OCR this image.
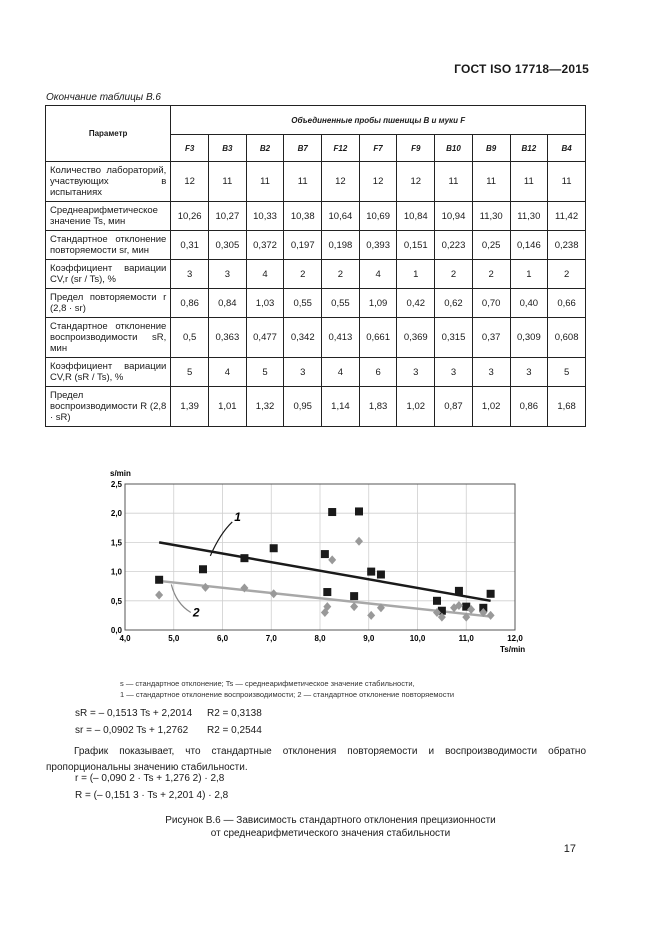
ГОСТ ISO 17718—2015
Окончание таблицы В.6
Параметр	Объединенные пробы пшеницы B и муки F										
	F3	B3	B2	B7	F12	F7	F9	B10	B9	B12	B4
Количество лабораторий, участвующих в испытаниях	12	11	11	11	12	12	12	11	11	11	11
Среднеарифметическое значение Ts, мин	10,26	10,27	10,33	10,38	10,64	10,69	10,84	10,94	11,30	11,30	11,42
Стандартное отклонение повторяемости sr, мин	0,31	0,305	0,372	0,197	0,198	0,393	0,151	0,223	0,25	0,146	0,238
Коэффициент вариации CV,r (sr / Ts), %	3	3	4	2	2	4	1	2	2	1	2
Предел повторяемости r (2,8 · sr)	0,86	0,84	1,03	0,55	0,55	1,09	0,42	0,62	0,70	0,40	0,66
Стандартное отклонение воспроизводимости sR, мин	0,5	0,363	0,477	0,342	0,413	0,661	0,369	0,315	0,37	0,309	0,608
Коэффициент вариации CV,R (sR / Ts), %	5	4	5	3	4	6	3	3	3	3	5
Предел воспроизводимости R (2,8 · sR)	1,39	1,01	1,32	0,95	1,14	1,83	1,02	0,87	1,02	0,86	1,68
4,0	5,0	6,0	7,0	8,0	9,0	10,0	11,0	12,0
0,0
0,5
1,0
1,5
2,0
2,5
s/min
Ts/min
1
2
s — стандартное отклонение; Ts — среднеарифметическое значение стабильности,
1 — стандартное отклонение воспроизводимости; 2 — стандартное отклонение повторяемости
sR = – 0,1513 Ts + 2,2014 R2 = 0,3138
sr = – 0,0902 Ts + 1,2762 R2 = 0,2544
График показывает, что стандартные отклонения повторяемости и воспроизводимости обратно пропорциональны значению стабильности.
r = (– 0,090 2 · Ts + 1,276 2) · 2,8
R = (– 0,151 3 · Ts + 2,201 4) · 2,8
Рисунок В.6 — Зависимость стандартного отклонения прецизионности
от среднеарифметического значения стабильности
17
